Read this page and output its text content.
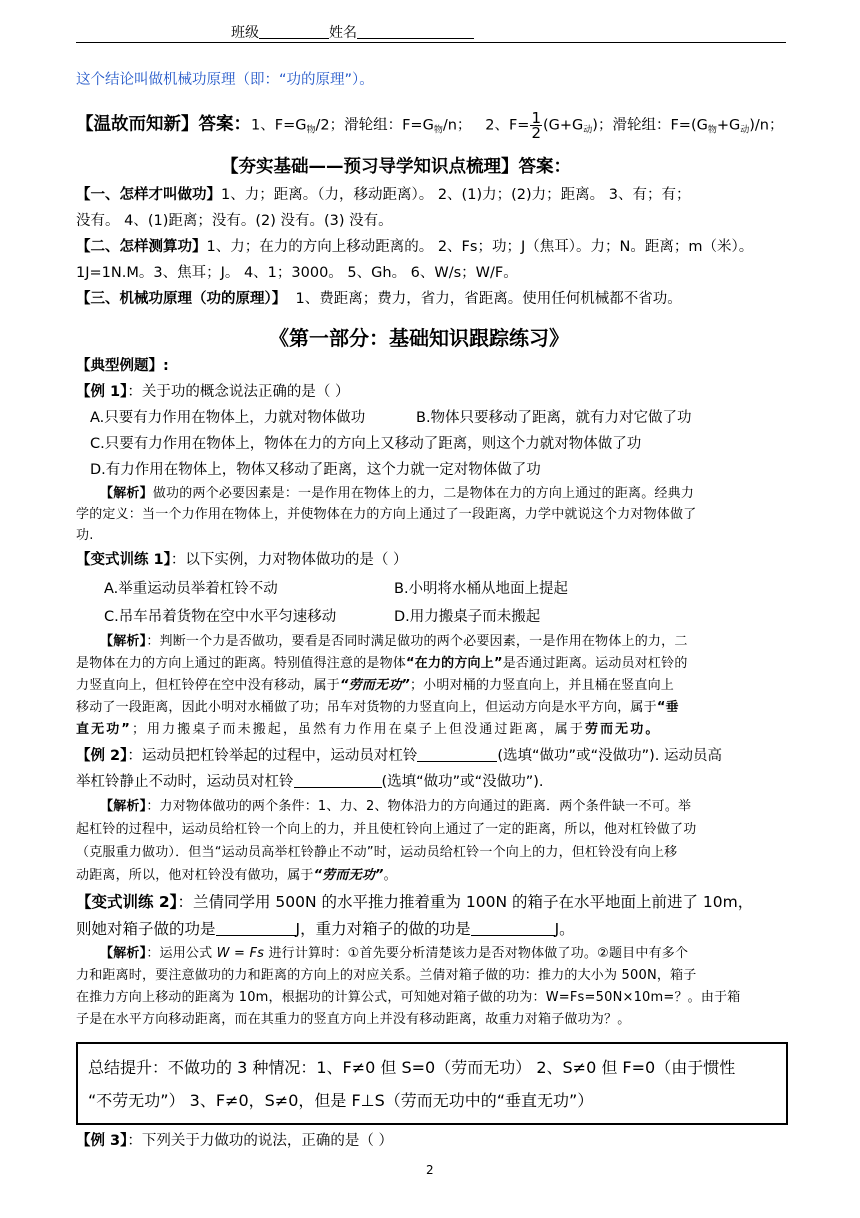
班级	姓名
这个结论叫做机械功原理（即：“功的原理”）。
【温故而知新】答案：1、$F=G_物/2$；滑轮组：$F=G_物/n$； 2、$F= \frac{1}{2} (G+G_动)$；滑轮组：$F=(G_物+G_动)/n$；
【夯实基础——预习导学知识点梳理】答案：
【一、怎样才叫做功】1、力；距离。（力，移动距离）。 2、(1)力；(2)力；距离。 3、有；有；
没有。 4、(1)距离；没有。(2) 没有。(3) 没有。
【二、怎样测算功】1、力；在力的方向上移动距离的。 2、Fs；功；J（焦耳）。力；N。距离；m（米）。
1J=1N.M。3、焦耳；J。 4、1；3000。 5、Gh。 6、W/s；W/F。
【三、机械功原理（功的原理）】 1、费距离；费力，省力，省距离。使用任何机械都不省功。
《第一部分：基础知识跟踪练习》
【典型例题】:
【例 1】：关于功的概念说法正确的是（ ）
A.只要有力作用在物体上，力就对物体做功	B.物体只要移动了距离，就有力对它做了功
C.只要有力作用在物体上，物体在力的方向上又移动了距离，则这个力就对物体做了功
D.有力作用在物体上，物体又移动了距离，这个力就一定对物体做了功
【解析】做功的两个必要因素是：一是作用在物体上的力，二是物体在力的方向上通过的距离。经典力
学的定义：当一个力作用在物体上，并使物体在力的方向上通过了一段距离，力学中就说这个力对物体做了
功.
【变式训练 1】：以下实例，力对物体做功的是（ ）
A.举重运动员举着杠铃不动	B.小明将水桶从地面上提起
C.吊车吊着货物在空中水平匀速移动	D.用力搬桌子而未搬起
【解析】：判断一个力是否做功，要看是否同时满足做功的两个必要因素，一是作用在物体上的力，二
是物体在力的方向上通过的距离。特别值得注意的是物体“在力的方向上”是否通过距离。运动员对杠铃的
力竖直向上，但杠铃停在空中没有移动，属于“劳而无功”；小明对桶的力竖直向上，并且桶在竖直向上
移动了一段距离，因此小明对水桶做了功；吊车对货物的力竖直向上，但运动方向是水平方向，属于“垂
直无功”；用力搬桌子而未搬起，虽然有力作用在桌子上但没通过距离，属于劳而无功。
【例 2】：运动员把杠铃举起的过程中，运动员对杠铃	(选填“做功”或“没做功”). 运动员高
举杠铃静止不动时，运动员对杠铃	(选填“做功”或“没做功”).
【解析】：力对物体做功的两个条件：1、力、2、物体沿力的方向通过的距离．两个条件缺一不可。举
起杠铃的过程中，运动员给杠铃一个向上的力，并且使杠铃向上通过了一定的距离，所以，他对杠铃做了功
（克服重力做功）．但当“运动员高举杠铃静止不动”时，运动员给杠铃一个向上的力，但杠铃没有向上移
动距离，所以，他对杠铃没有做功，属于“劳而无功”。
【变式训练 2】：兰倩同学用 500N 的水平推力推着重为 100N 的箱子在水平地面上前进了 10m，
则她对箱子做的功是	J，重力对箱子的做的功是	J。
【解析】：运用公式 W = Fs 进行计算时：①首先要分析清楚该力是否对物体做了功。②题目中有多个
力和距离时，要注意做功的力和距离的方向上的对应关系。兰倩对箱子做的功：推力的大小为 500N，箱子
在推力方向上移动的距离为 10m，根据功的计算公式，可知她对箱子做的功为：W=Fs=50N×10m=？。由于箱
总结提升：不做功的 3 种情况：1、F≠0 但 S=0（劳而无功） 2、S≠0 但 F=0（由于惯性
“不劳无功”） 3、F≠0，S≠0，但是 F⊥S（劳而无功中的“垂直无功”）
【例 3】：下列关于力做功的说法，正确的是（ ）
2
子是在水平方向移动距离，而在其重力的竖直方向上并没有移动距离，故重力对箱子做功为？。
